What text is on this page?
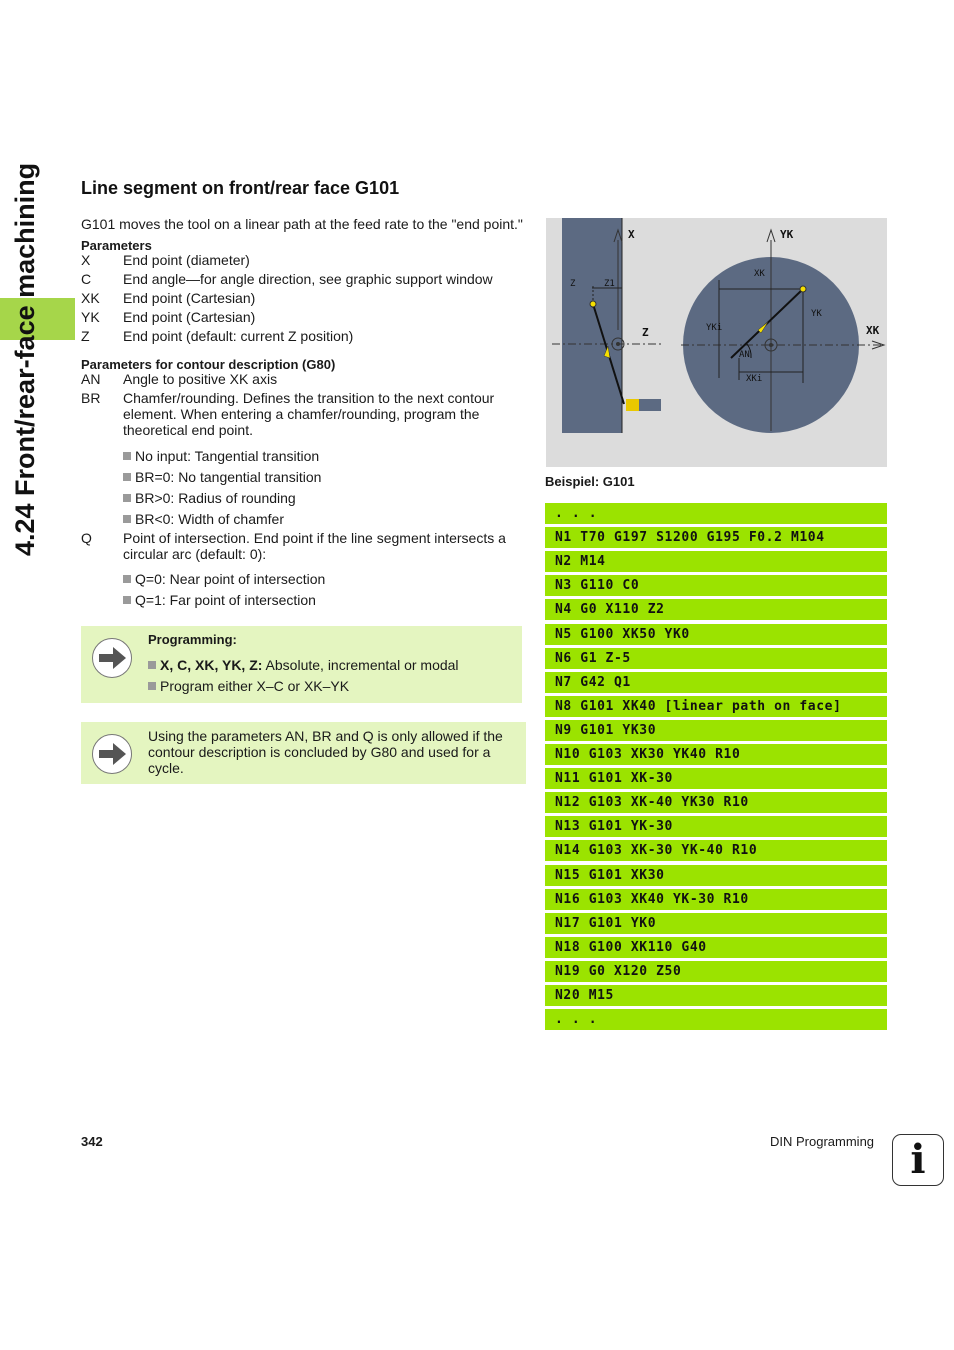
4.24 Front/rear-face machining Line segment on front/rear face G101
G101 moves the tool on a linear path at the feed rate to the "end point."
Parameters
X End point (diameter)
C End angle—for angle direction, see graphic support window
XK End point (Cartesian)
YK End point (Cartesian)
Z End point (default: current Z position)
Parameters for contour description (G80)
AN Angle to positive XK axis
BR Chamfer/rounding. Defines the transition to the next contour
element. When entering a chamfer/rounding, program the
theoretical end point.
No input: Tangential transition
BR=0: No tangential transition
BR>0: Radius of rounding
BR<0: Width of chamfer
Q Point of intersection. End point if the line segment intersects a
circular arc (default: 0):
Q=0: Near point of intersection
Q=1: Far point of intersection
Programming:
X, C, XK, YK, Z: Absolute, incremental or modal
Program either X–C or XK–YK
Using the parameters AN, BR and Q is only allowed if the
contour description is concluded by G80 and used for a
cycle.
X
Z
Z	Z1
YK
XK
XK
YKi
YK
XKi
AN
Beispiel: G101
. . .
N1 T70 G197 S1200 G195 F0.2 M104
N2 M14
N3 G110 C0
N4 G0 X110 Z2
N5 G100 XK50 YK0
N6 G1 Z-5
N7 G42 Q1
N8 G101 XK40 [linear path on face]
N9 G101 YK30
N10 G103 XK30 YK40 R10
N11 G101 XK-30
N12 G103 XK-40 YK30 R10
N13 G101 YK-30
N14 G103 XK-30 YK-40 R10
N15 G101 XK30
N16 G103 XK40 YK-30 R10
N17 G101 YK0
N18 G100 XK110 G40
N19 G0 X120 Z50
N20 M15
. . .
342	DIN Programming i
